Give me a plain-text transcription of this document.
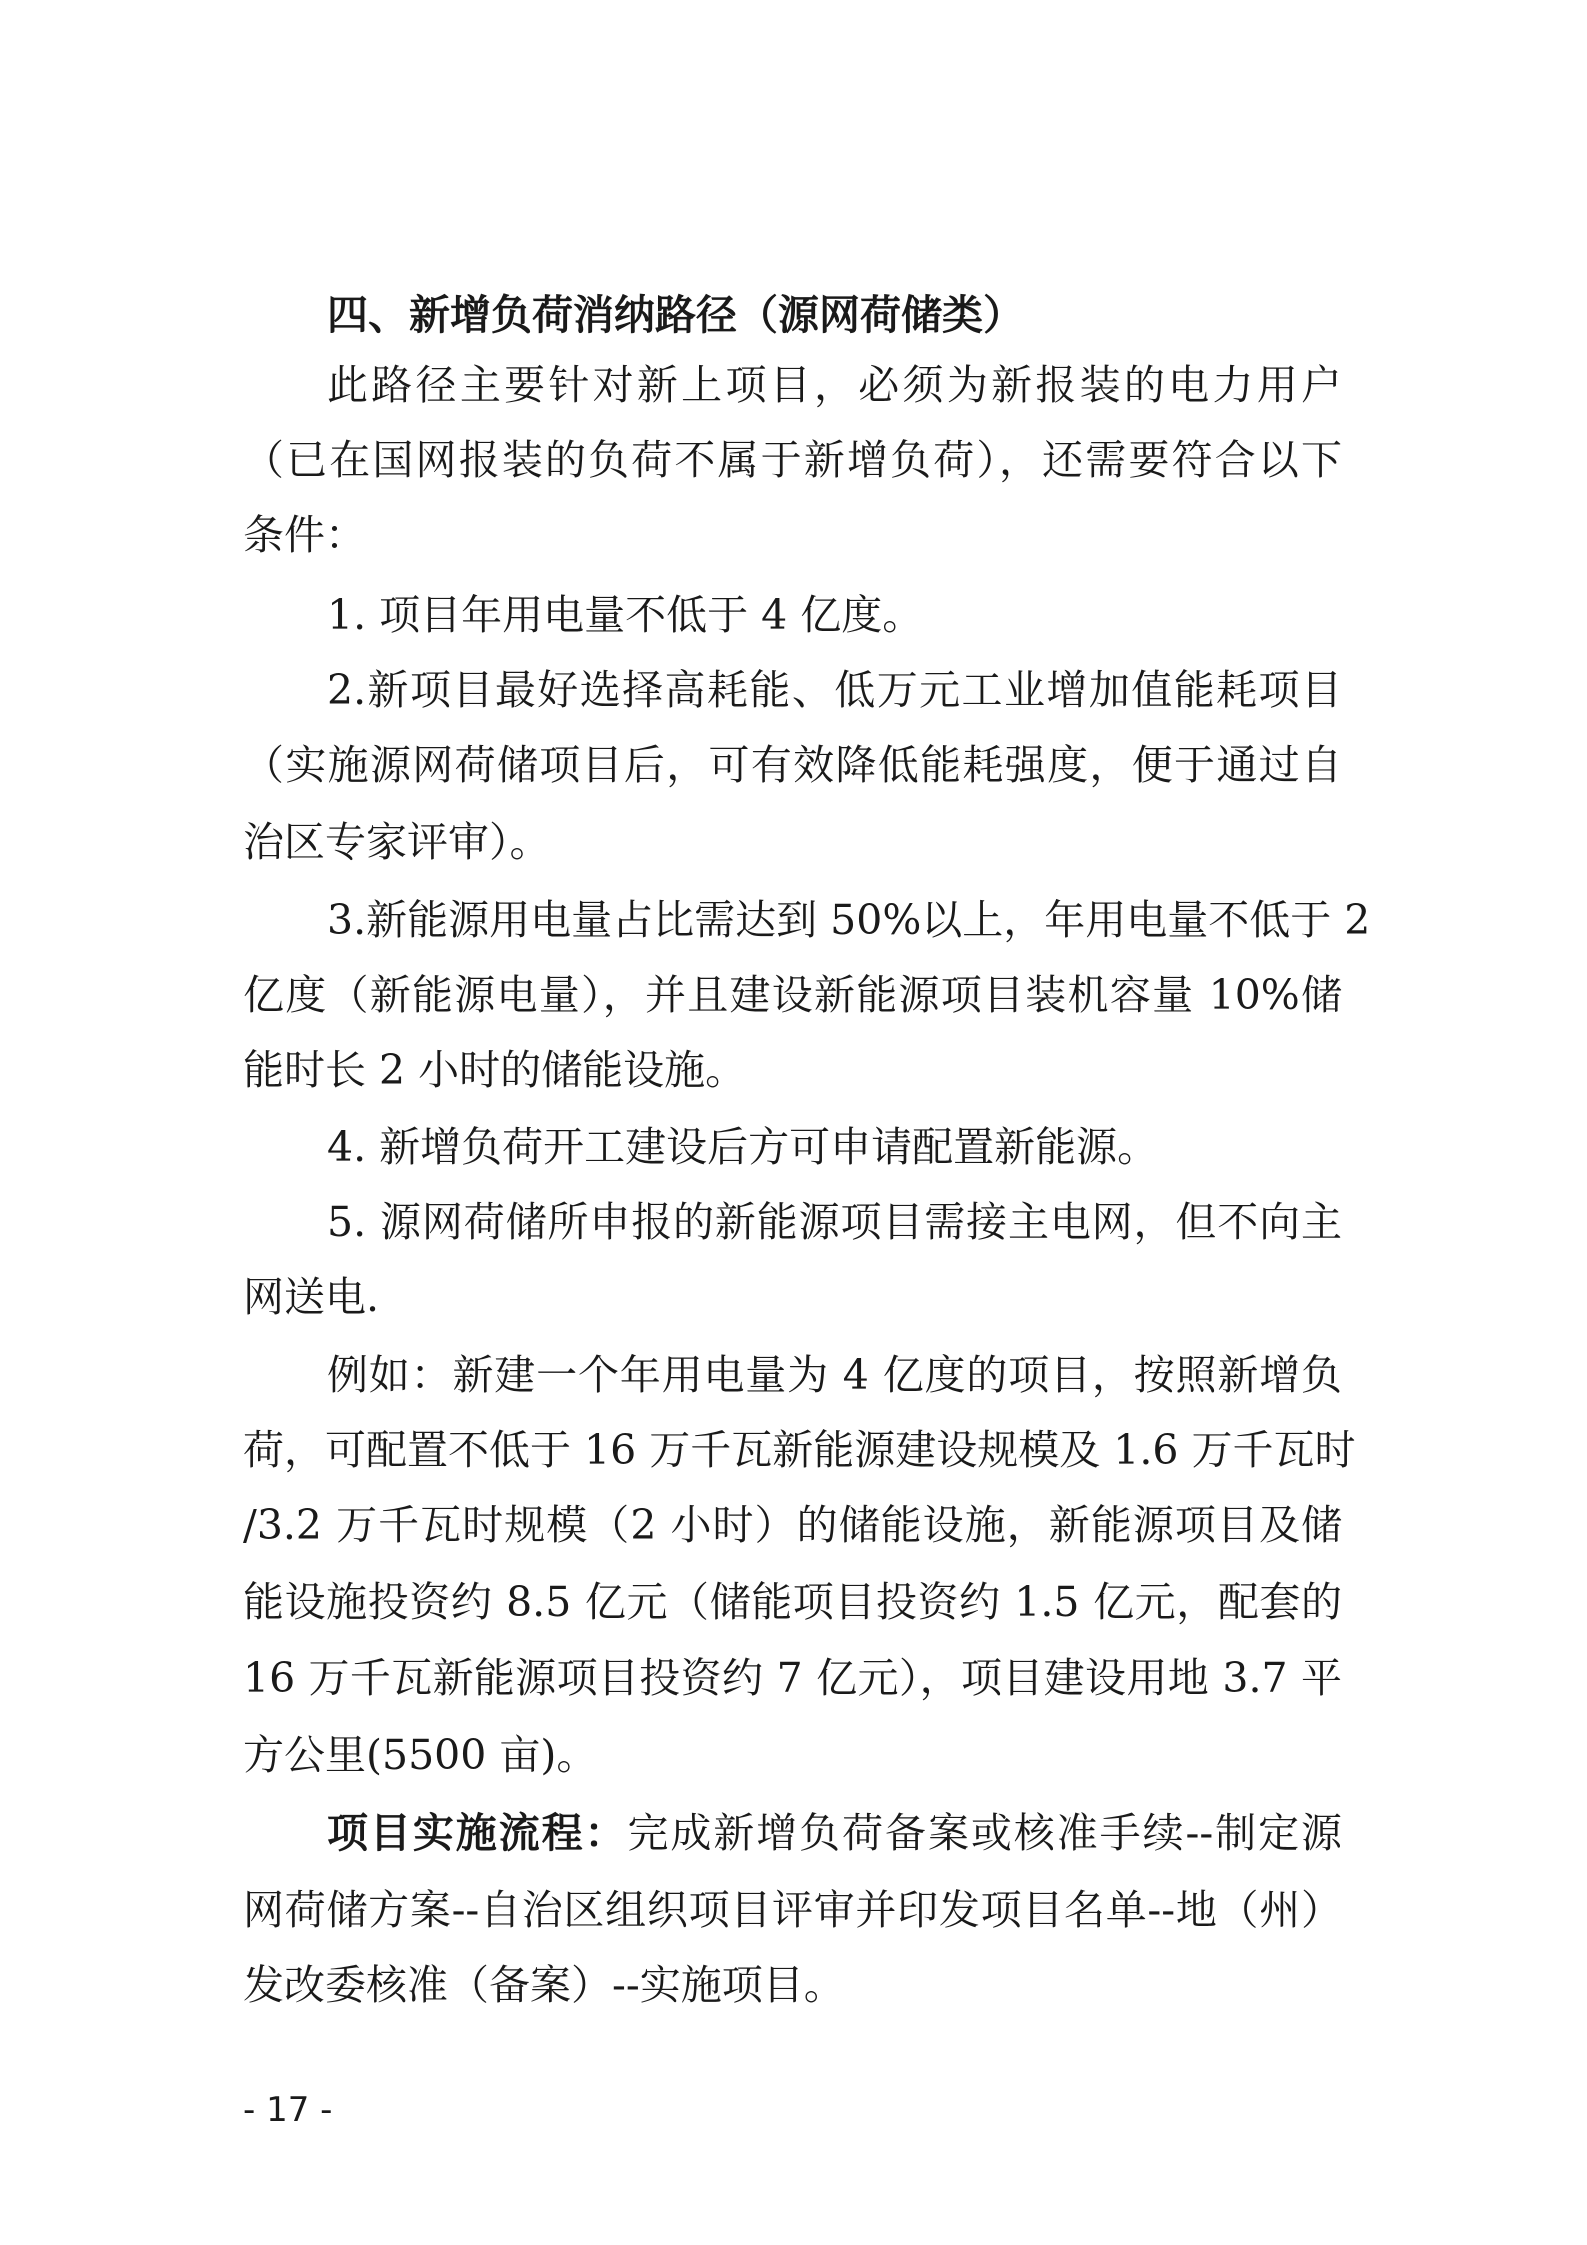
四、新增负荷消纳路径（源网荷储类）
此路径主要针对新上项目，必须为新报装的电力用户
（已在国网报装的负荷不属于新增负荷），还需要符合以下
条件：
1. 项目年用电量不低于 4 亿度。
2.新项目最好选择高耗能、低万元工业增加值能耗项目
（实施源网荷储项目后，可有效降低能耗强度，便于通过自
治区专家评审）。
3.新能源用电量占比需达到 50%以上，年用电量不低于 2
亿度（新能源电量），并且建设新能源项目装机容量 10%储
能时长 2 小时的储能设施。
4. 新增负荷开工建设后方可申请配置新能源。
5. 源网荷储所申报的新能源项目需接主电网，但不向主
网送电.
例如：新建一个年用电量为 4 亿度的项目，按照新增负
荷，可配置不低于 16 万千瓦新能源建设规模及 1.6 万千瓦时
/3.2 万千瓦时规模（2 小时）的储能设施，新能源项目及储
能设施投资约 8.5 亿元（储能项目投资约 1.5 亿元，配套的
16 万千瓦新能源项目投资约 7 亿元），项目建设用地 3.7 平
方公里(5500 亩)。
项目实施流程：完成新增负荷备案或核准手续--制定源
网荷储方案--自治区组织项目评审并印发项目名单--地（州）
发改委核准（备案）--实施项目。
- 17 -
